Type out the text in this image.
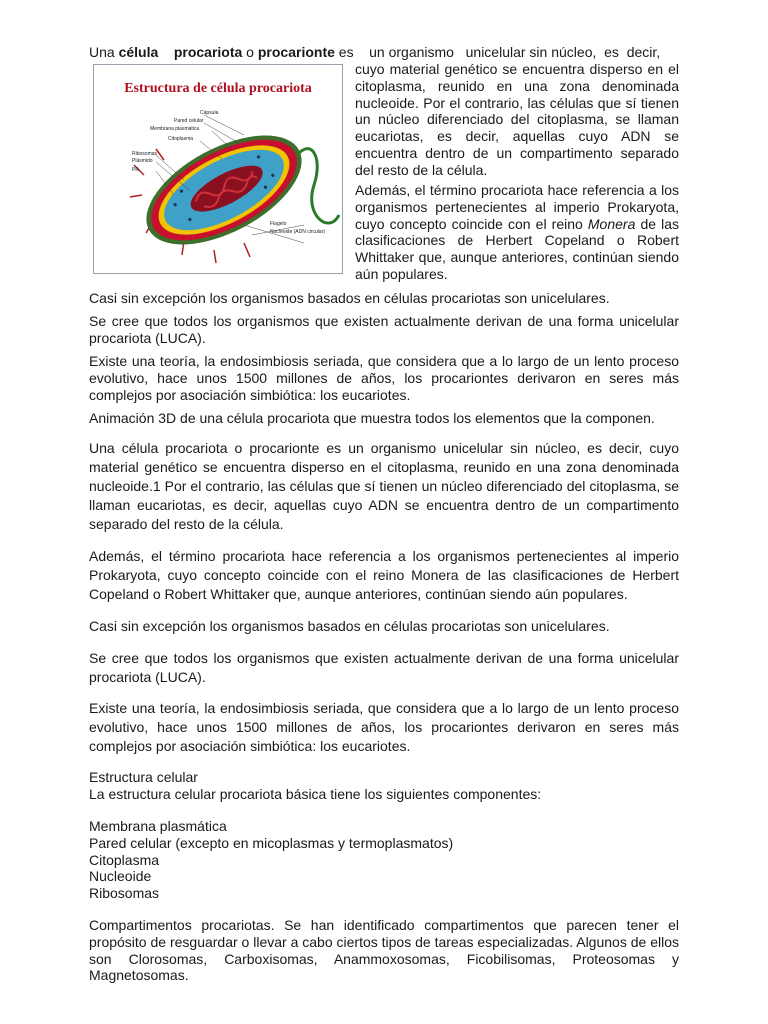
Una célula    procariota o procarionte es    un organismo   unicelular sin núcleo,  es  decir,

Estructura de célula procariota
Cápsula
Pared celular
Membrana plasmática
Citoplasma
Ribosomas
Plásmido
Pili
Flagelo
Nucleoide (ADN circular)

cuyo material genético se encuentra disperso en el citoplasma, reunido en una zona denominada nucleoide. Por el contrario, las células que sí tienen un núcleo diferenciado del citoplasma, se llaman eucariotas, es decir, aquellas cuyo ADN se encuentra dentro de un compartimento separado del resto de la célula.

Además, el término procariota hace referencia a los organismos pertenecientes al imperio Prokaryota, cuyo concepto coincide con el reino Monera de las clasificaciones de Herbert Copeland o Robert Whittaker que, aunque anteriores, continúan siendo aún populares.

Casi sin excepción los organismos basados en células procariotas son unicelulares.

Se cree que todos los organismos que existen actualmente derivan de una forma unicelular procariota (LUCA).

Existe una teoría, la endosimbiosis seriada, que considera que a lo largo de un lento proceso evolutivo, hace unos 1500 millones de años, los procariontes derivaron en seres más complejos por asociación simbiótica: los eucariotes.

Animación 3D de una célula procariota que muestra todos los elementos que la componen.

Una célula procariota o procarionte es un organismo unicelular sin núcleo, es decir, cuyo material genético se encuentra disperso en el citoplasma, reunido en una zona denominada nucleoide.1 Por el contrario, las células que sí tienen un núcleo diferenciado del citoplasma, se llaman eucariotas, es decir, aquellas cuyo ADN se encuentra dentro de un compartimento separado del resto de la célula.

Además, el término procariota hace referencia a los organismos pertenecientes al imperio Prokaryota, cuyo concepto coincide con el reino Monera de las clasificaciones de Herbert Copeland o Robert Whittaker que, aunque anteriores, continúan siendo aún populares.

Casi sin excepción los organismos basados en células procariotas son unicelulares.

Se cree que todos los organismos que existen actualmente derivan de una forma unicelular procariota (LUCA).

Existe una teoría, la endosimbiosis seriada, que considera que a lo largo de un lento proceso evolutivo, hace unos 1500 millones de años, los procariontes derivaron en seres más complejos por asociación simbiótica: los eucariotes.

Estructura celular
La estructura celular procariota básica tiene los siguientes componentes:
Membrana plasmática
Pared celular (excepto en micoplasmas y termoplasmatos)
Citoplasma
Nucleoide
Ribosomas

Compartimentos procariotas. Se han identificado compartimentos que parecen tener el propósito de resguardar o llevar a cabo ciertos tipos de tareas especializadas. Algunos de ellos son Clorosomas, Carboxisomas, Anammoxosomas, Ficobilisomas, Proteosomas y Magnetosomas.
